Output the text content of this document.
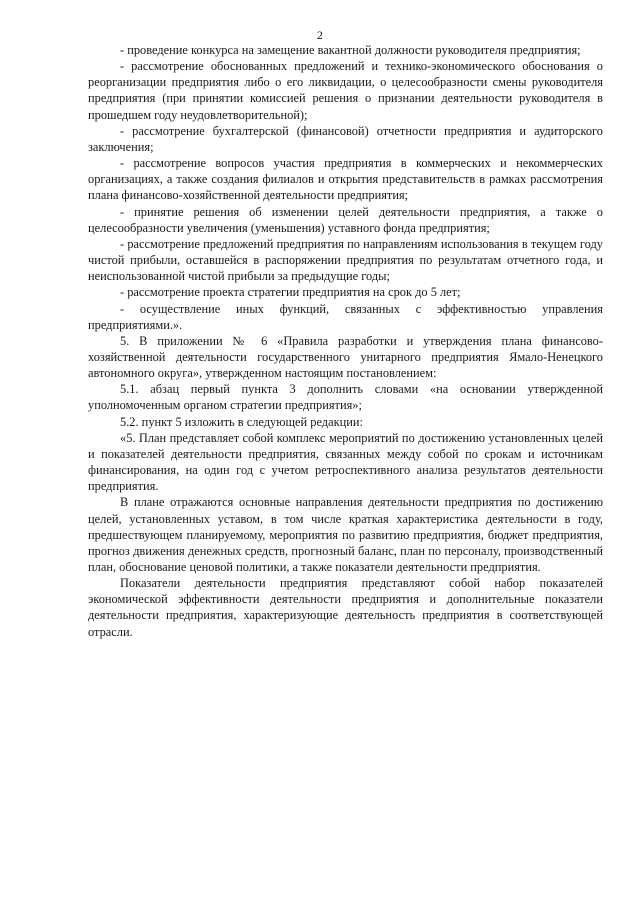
2

- проведение конкурса на замещение вакантной должности руководителя предприятия;

- рассмотрение обоснованных предложений и технико-экономического обоснования о реорганизации предприятия либо о его ликвидации, о целесообразности смены руководителя предприятия (при принятии комиссией решения о признании деятельности руководителя в прошедшем году неудовлетворительной);

- рассмотрение бухгалтерской (финансовой) отчетности предприятия и аудиторского заключения;

- рассмотрение вопросов участия предприятия в коммерческих и некоммерческих организациях, а также создания филиалов и открытия представительств в рамках рассмотрения плана финансово-хозяйственной деятельности предприятия;

- принятие решения об изменении целей деятельности предприятия, а также о целесообразности увеличения (уменьшения) уставного фонда предприятия;

- рассмотрение предложений предприятия по направлениям использования в текущем году чистой прибыли, оставшейся в распоряжении предприятия по результатам отчетного года, и неиспользованной чистой прибыли за предыдущие годы;

- рассмотрение проекта стратегии предприятия на срок до 5 лет;

- осуществление иных функций, связанных с эффективностью управления предприятиями.».

5. В приложении № 6 «Правила разработки и утверждения плана финансово-хозяйственной деятельности государственного унитарного предприятия Ямало-Ненецкого автономного округа», утвержденном настоящим постановлением:

5.1. абзац первый пункта 3 дополнить словами «на основании утвержденной уполномоченным органом стратегии предприятия»;

5.2. пункт 5 изложить в следующей редакции:

«5. План представляет собой комплекс мероприятий по достижению установленных целей и показателей деятельности предприятия, связанных между собой по срокам и источникам финансирования, на один год с учетом ретроспективного анализа результатов деятельности предприятия.

В плане отражаются основные направления деятельности предприятия по достижению целей, установленных уставом, в том числе краткая характеристика деятельности в году, предшествующем планируемому, мероприятия по развитию предприятия, бюджет предприятия, прогноз движения денежных средств, прогнозный баланс, план по персоналу, производственный план, обоснование ценовой политики, а также показатели деятельности предприятия.

Показатели деятельности предприятия представляют собой набор показателей экономической эффективности деятельности предприятия и дополнительные показатели деятельности предприятия, характеризующие деятельность предприятия в соответствующей отрасли.
